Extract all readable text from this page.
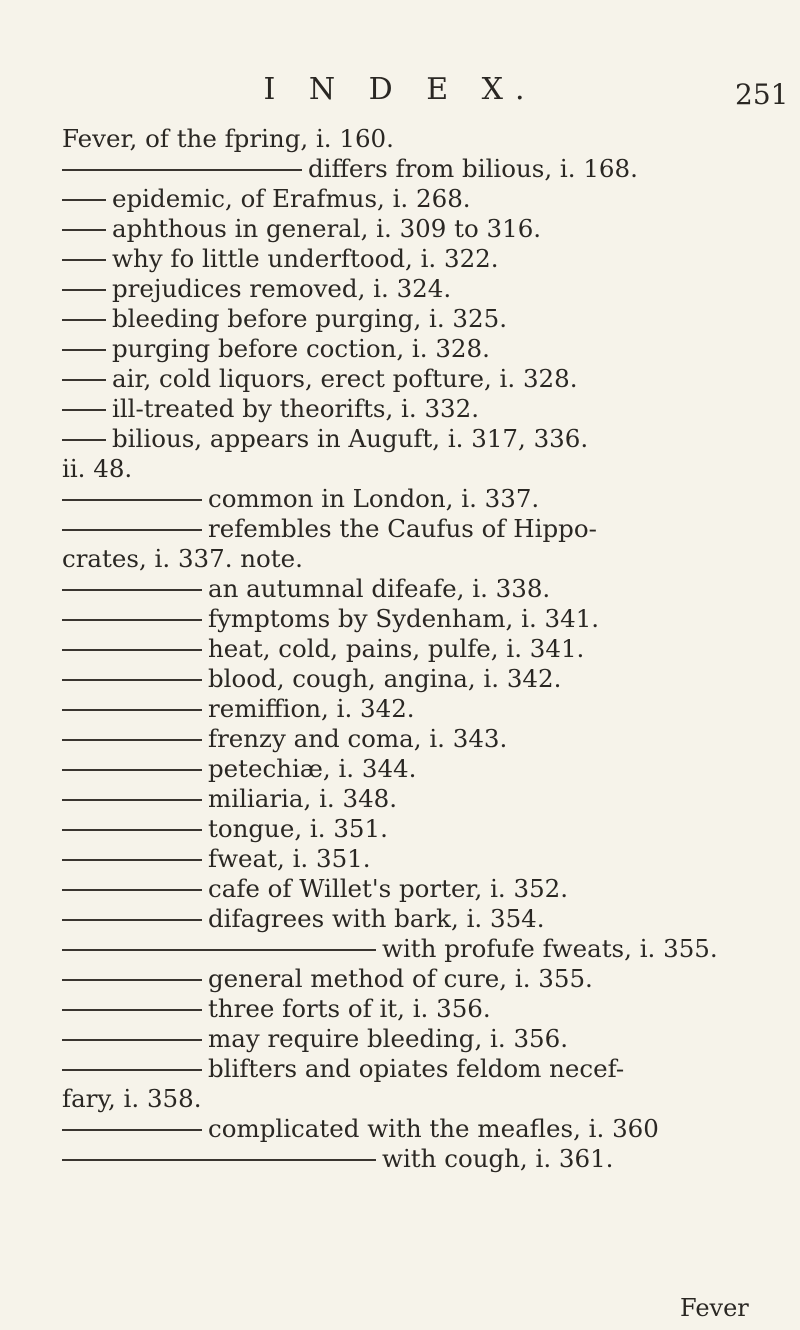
I N D E X.	251
Fever, of the fpring, i. 160.
differs from bilious, i. 168.
epidemic, of Erafmus, i. 268.
aphthous in general, i. 309 to 316.
why fo little underftood, i. 322.
prejudices removed, i. 324.
bleeding before purging, i. 325.
purging before coction, i. 328.
air, cold liquors, erect pofture, i. 328.
ill-treated by theorifts, i. 332.
bilious, appears in Auguft, i. 317, 336.
ii. 48.
common in London, i. 337.
refembles the Caufus of Hippo-
crates, i. 337. note.
an autumnal difeafe, i. 338.
fymptoms by Sydenham, i. 341.
heat, cold, pains, pulfe, i. 341.
blood, cough, angina, i. 342.
remiffion, i. 342.
frenzy and coma, i. 343.
petechiæ, i. 344.
miliaria, i. 348.
tongue, i. 351.
fweat, i. 351.
cafe of Willet's porter, i. 352.
difagrees with bark, i. 354.
with profufe fweats, i. 355.
general method of cure, i. 355.
three forts of it, i. 356.
may require bleeding, i. 356.
blifters and opiates feldom necef-
fary, i. 358.
complicated with the meafles, i. 360
with cough, i. 361.
Fever
